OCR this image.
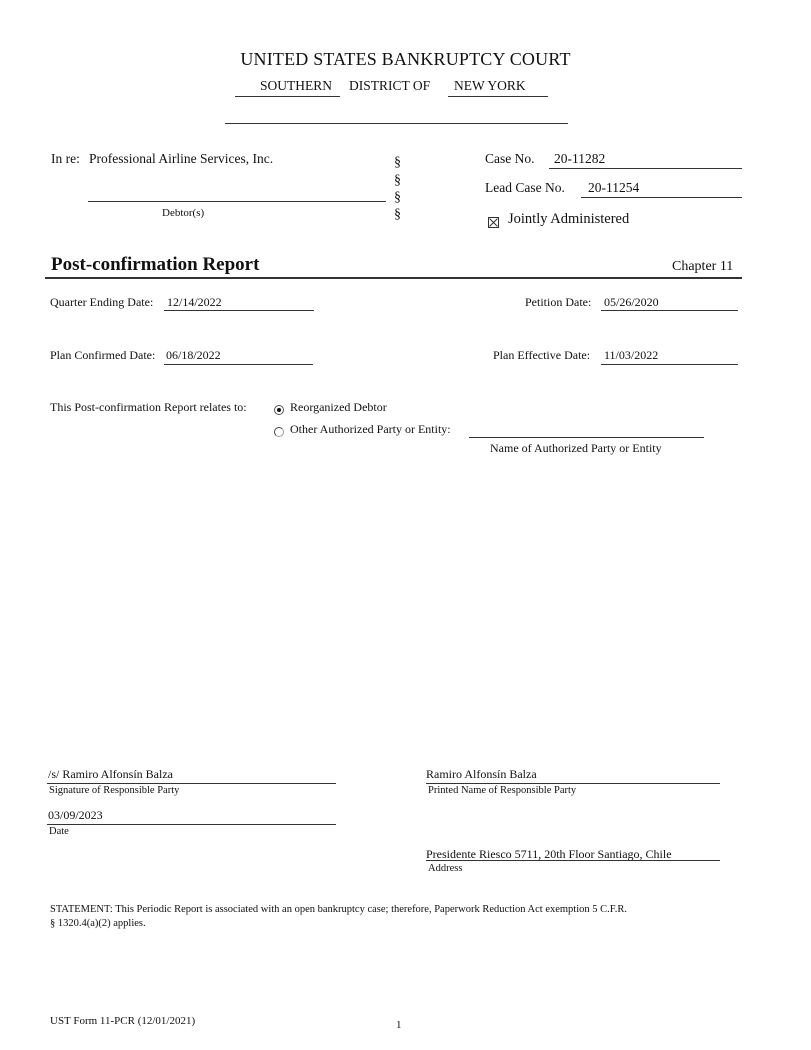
UNITED STATES BANKRUPTCY COURT
SOUTHERN DISTRICT OF NEW YORK
In re: Professional Airline Services, Inc.
Debtor(s)
§
§
§
§
Case No. 20-11282
Lead Case No. 20-11254
Jointly Administered
Post-confirmation Report	Chapter 11
Quarter Ending Date: 12/14/2022	Petition Date: 05/26/2020
Plan Confirmed Date: 06/18/2022	Plan Effective Date: 11/03/2022
This Post-confirmation Report relates to:	Reorganized Debtor
Other Authorized Party or Entity:
Name of Authorized Party or Entity
/s/ Ramiro Alfonsín Balza
Signature of Responsible Party
Ramiro Alfonsín Balza
Printed Name of Responsible Party
03/09/2023
Date
Presidente Riesco 5711, 20th Floor Santiago, Chile
Address
STATEMENT: This Periodic Report is associated with an open bankruptcy case; therefore, Paperwork Reduction Act exemption 5 C.F.R.
§ 1320.4(a)(2) applies.
UST Form 11-PCR (12/01/2021)	1
